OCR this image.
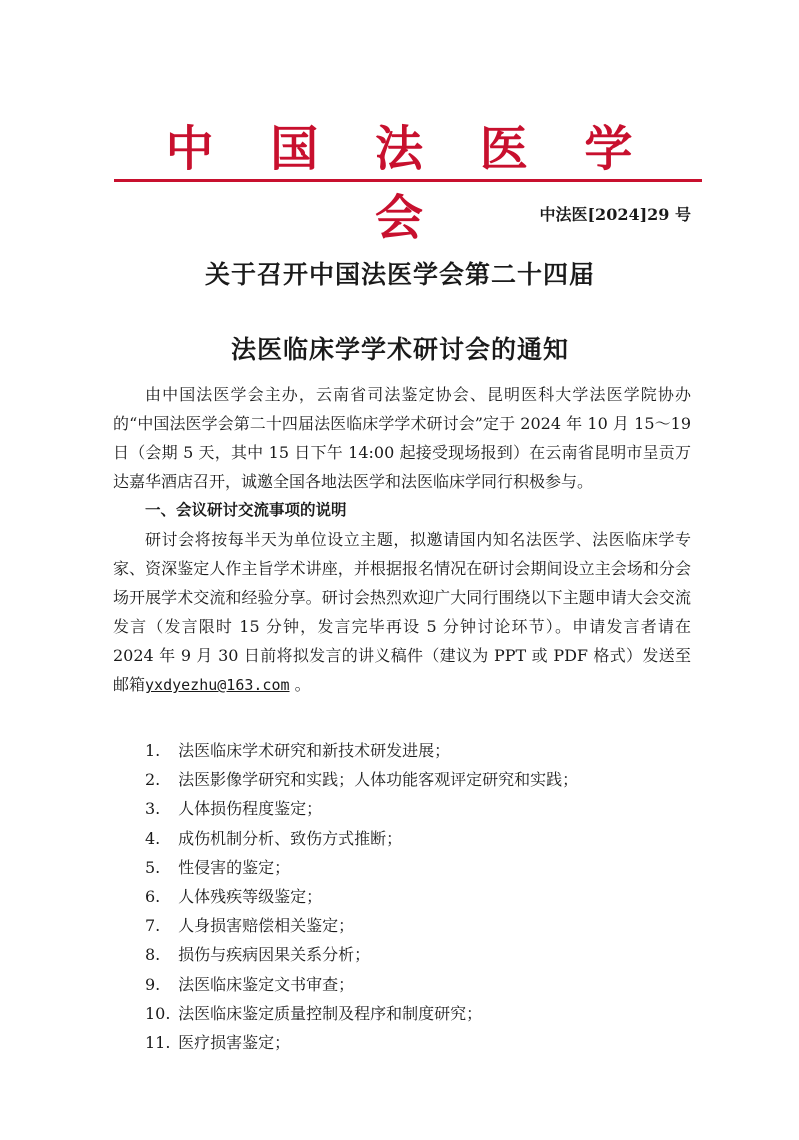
中 国 法 医 学 会	中法医[2024]29 号
关于召开中国法医学会第二十四届
法医临床学学术研讨会的通知

由中国法医学会主办，云南省司法鉴定协会、昆明医科大学法医学院协办的“中国法医学会第二十四届法医临床学学术研讨会”定于 2024 年 10 月 15～19 日（会期 5 天，其中 15 日下午 14:00 起接受现场报到）在云南省昆明市呈贡万达嘉华酒店召开，诚邀全国各地法医学和法医临床学同行积极参与。

一、会议研讨交流事项的说明

研讨会将按每半天为单位设立主题，拟邀请国内知名法医学、法医临床学专家、资深鉴定人作主旨学术讲座，并根据报名情况在研讨会期间设立主会场和分会场开展学术交流和经验分享。研讨会热烈欢迎广大同行围绕以下主题申请大会交流发言（发言限时 15 分钟，发言完毕再设 5 分钟讨论环节）。申请发言者请在 2024 年 9 月 30 日前将拟发言的讲义稿件（建议为 PPT 或 PDF 格式）发送至邮箱yxdyezhu@163.com 。

1. 法医临床学术研究和新技术研发进展；
2. 法医影像学研究和实践；人体功能客观评定研究和实践；
3. 人体损伤程度鉴定；
4. 成伤机制分析、致伤方式推断；
5. 性侵害的鉴定；
6. 人体残疾等级鉴定；
7. 人身损害赔偿相关鉴定；
8. 损伤与疾病因果关系分析；
9. 法医临床鉴定文书审查；
10. 法医临床鉴定质量控制及程序和制度研究；
11. 医疗损害鉴定；
